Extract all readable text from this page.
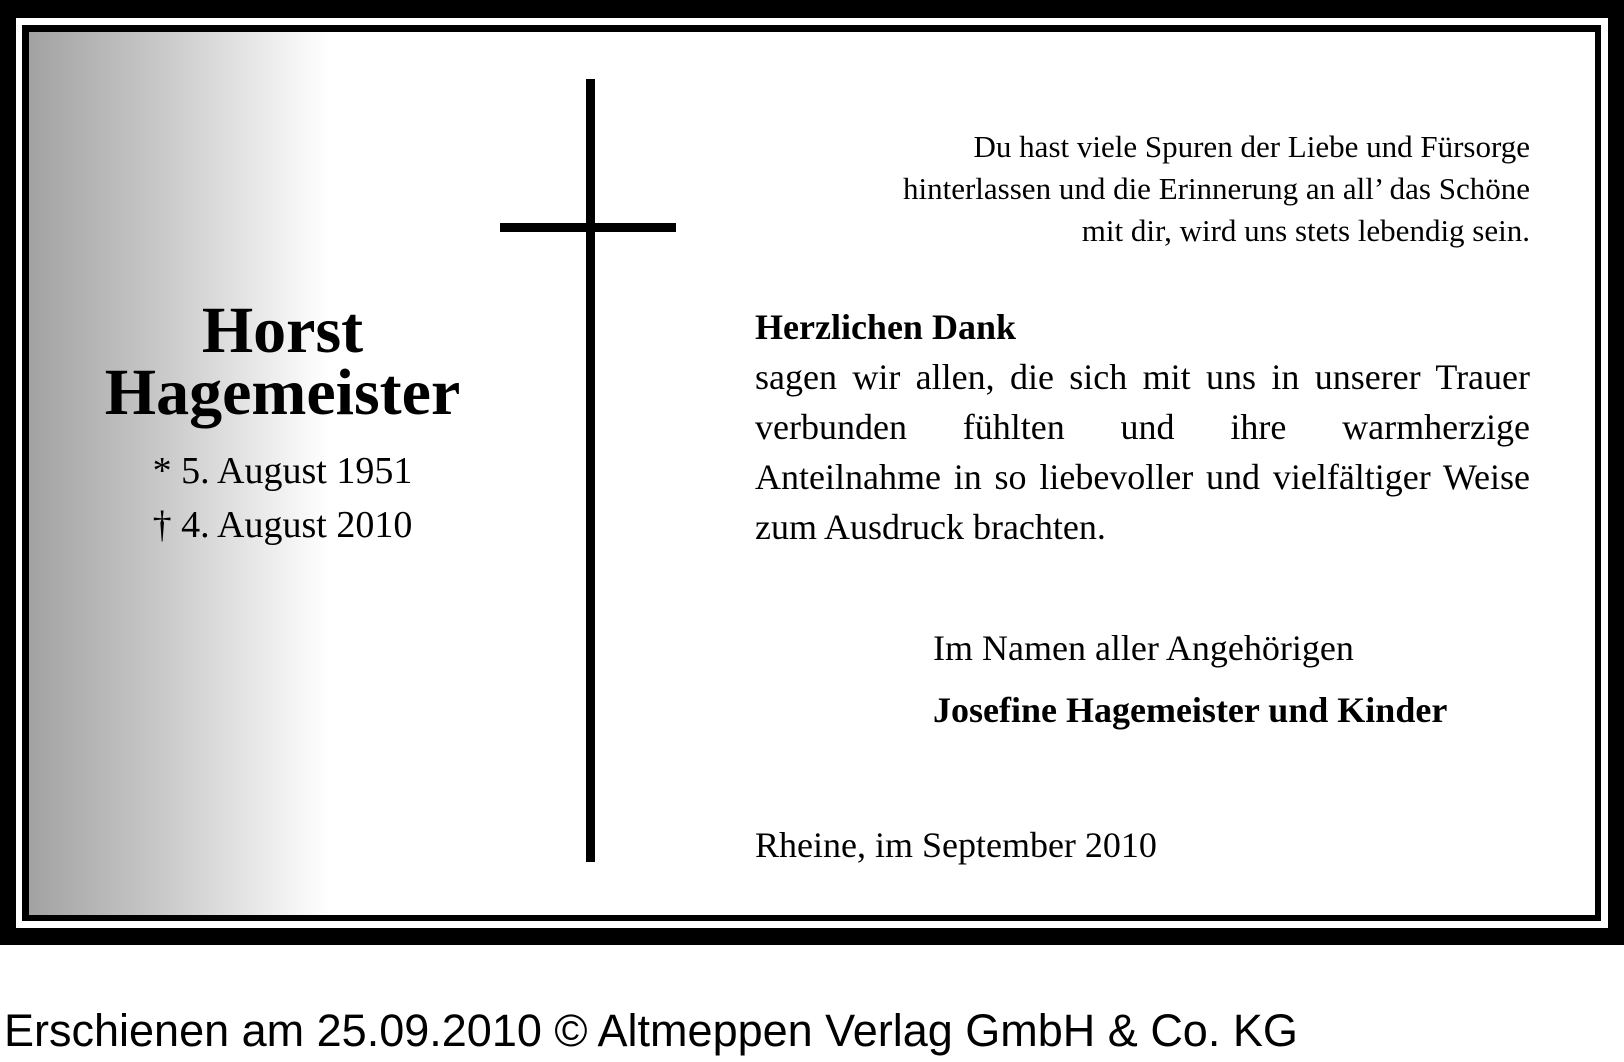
Horst
Hagemeister
* 5. August 1951
† 4. August 2010
Du hast viele Spuren der Liebe und Fürsorge
hinterlassen und die Erinnerung an all’ das Schöne
mit dir, wird uns stets lebendig sein.
Herzlichen Dank
sagen wir allen, die sich mit uns in unserer Trauer verbunden fühlten und ihre warmherzige Anteilnahme in so liebevoller und vielfältiger Weise zum Ausdruck brachten.
Im Namen aller Angehörigen
Josefine Hagemeister und Kinder
Rheine, im September 2010
Erschienen am 25.09.2010 © Altmeppen Verlag GmbH & Co. KG
